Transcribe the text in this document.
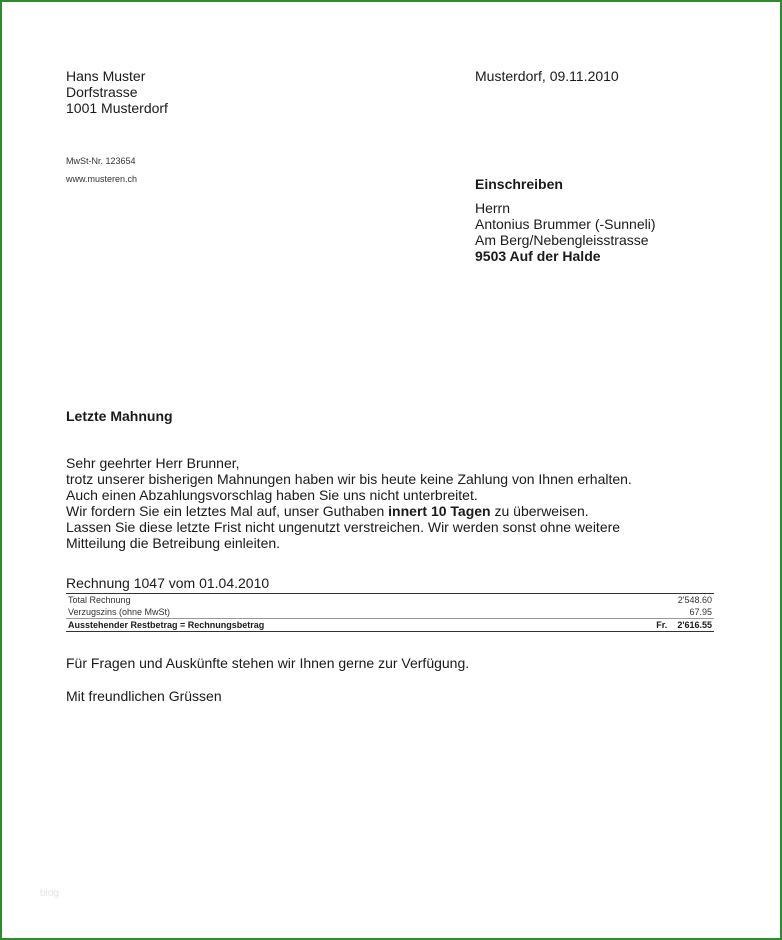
Hans Muster
Dorfstrasse
1001 Musterdorf
Musterdorf, 09.11.2010
MwSt-Nr. 123654
www.musteren.ch	Einschreiben
Herrn
Antonius Brummer (-Sunneli)
Am Berg/Nebengleisstrasse
9503 Auf der Halde
Letzte Mahnung
Sehr geehrter Herr Brunner,
trotz unserer bisherigen Mahnungen haben wir bis heute keine Zahlung von Ihnen erhalten.
Auch einen Abzahlungsvorschlag haben Sie uns nicht unterbreitet.
Wir fordern Sie ein letztes Mal auf, unser Guthaben innert 10 Tagen zu überweisen.
Lassen Sie diese letzte Frist nicht ungenutzt verstreichen. Wir werden sonst ohne weitere
Mitteilung die Betreibung einleiten.
Rechnung 1047 vom 01.04.2010
Total Rechnung	2'548.60
Verzugszins (ohne MwSt)	67.95
Ausstehender Restbetrag = Rechnungsbetrag	Fr. 2'616.55
Für Fragen und Auskünfte stehen wir Ihnen gerne zur Verfügung.
Mit freundlichen Grüssen
blog
